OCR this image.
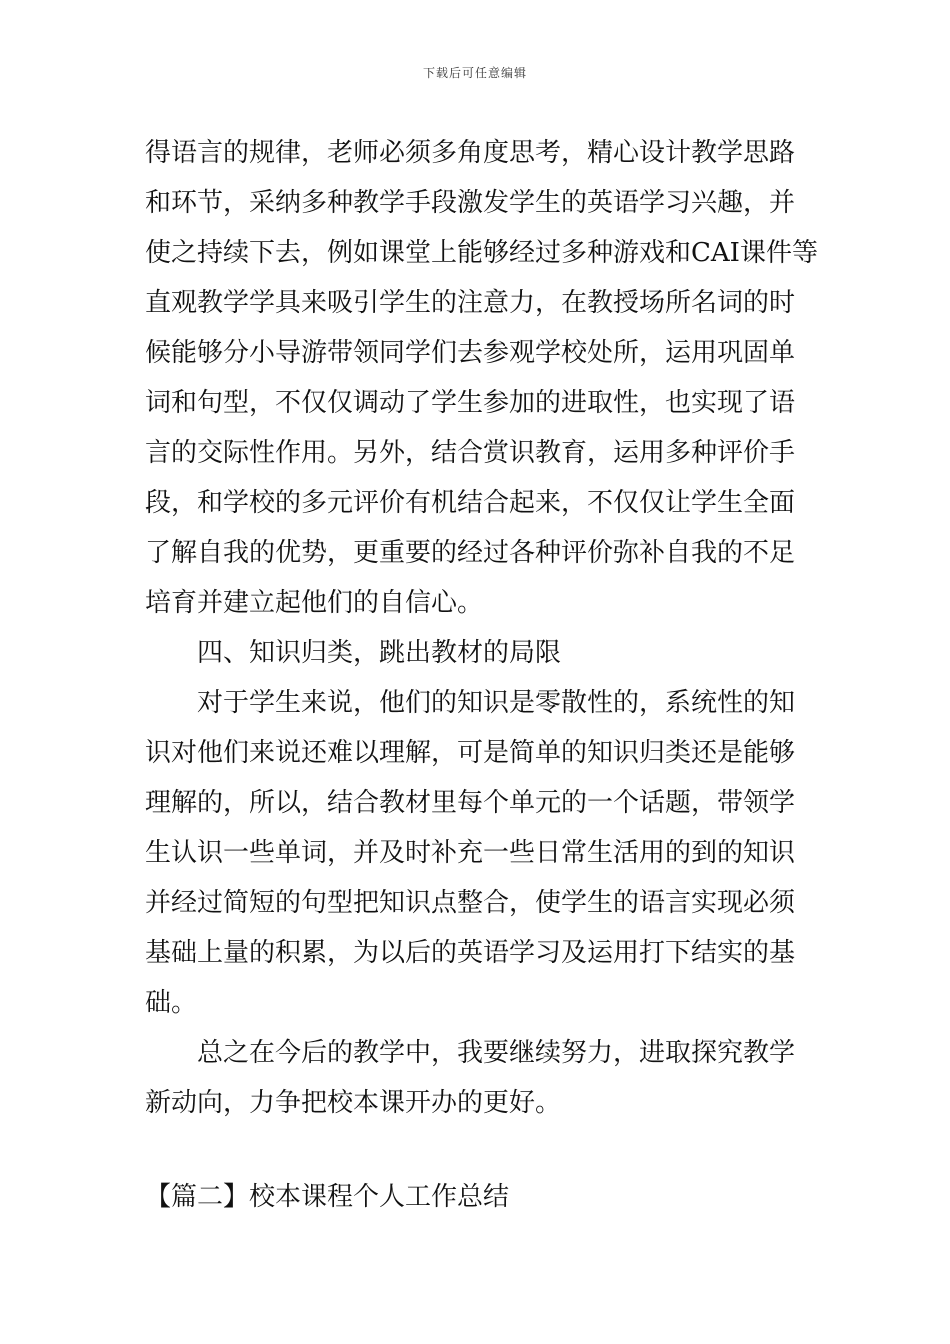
下载后可任意编辑
得语言的规律，老师必须多角度思考，精心设计教学思路
和环节，采纳多种教学手段激发学生的英语学习兴趣，并
使之持续下去，例如课堂上能够经过多种游戏和CAI课件等
直观教学学具来吸引学生的注意力，在教授场所名词的时
候能够分小导游带领同学们去参观学校处所，运用巩固单
词和句型，不仅仅调动了学生参加的进取性，也实现了语
言的交际性作用。另外，结合赏识教育，运用多种评价手
段，和学校的多元评价有机结合起来，不仅仅让学生全面
了解自我的优势，更重要的经过各种评价弥补自我的不足
培育并建立起他们的自信心。
四、知识归类，跳出教材的局限
对于学生来说，他们的知识是零散性的，系统性的知
识对他们来说还难以理解，可是简单的知识归类还是能够
理解的，所以，结合教材里每个单元的一个话题，带领学
生认识一些单词，并及时补充一些日常生活用的到的知识
并经过简短的句型把知识点整合，使学生的语言实现必须
基础上量的积累，为以后的英语学习及运用打下结实的基
础。
总之在今后的教学中，我要继续努力，进取探究教学
新动向，力争把校本课开办的更好。
【篇二】校本课程个人工作总结
